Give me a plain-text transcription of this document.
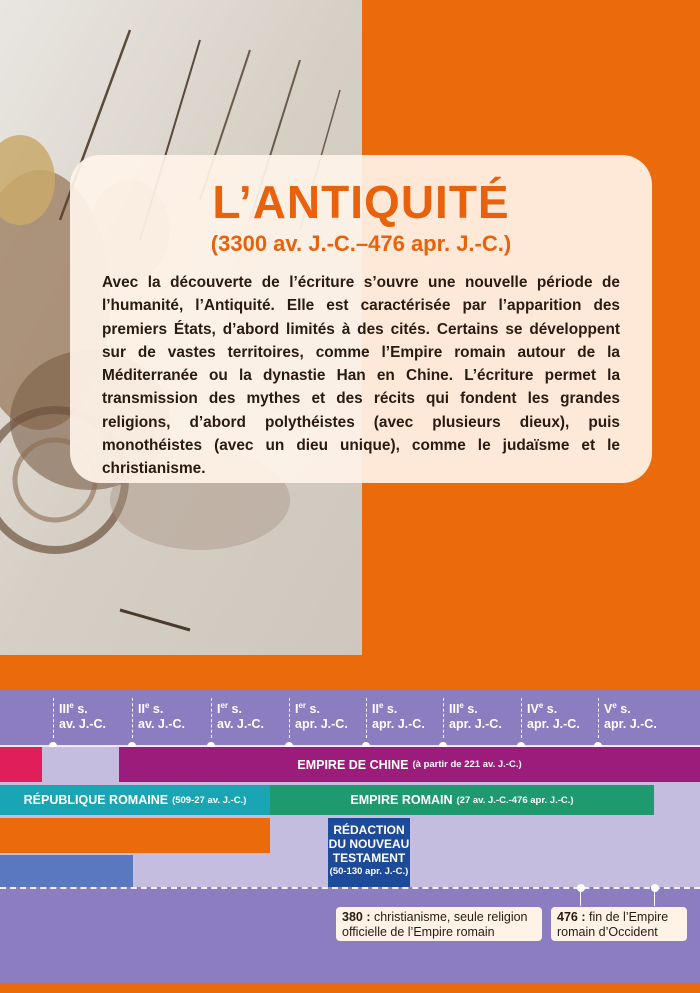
L’ANTIQUITÉ
(3300 av. J.-C.–476 apr. J.-C.)

Avec la découverte de l’écriture s’ouvre une nouvelle période de l’humanité, l’Antiquité. Elle est caractérisée par l’apparition des premiers États, d’abord limités à des cités. Certains se développent sur de vastes territoires, comme l’Empire romain autour de la Méditerranée ou la dynastie Han en Chine. L’écriture permet la transmission des mythes et des récits qui fondent les grandes religions, d’abord polythéistes (avec plusieurs dieux), puis monothéistes (avec un dieu unique), comme le judaïsme et le christianisme.

IIIe s.
av. J.-C.
IIe s.
av. J.-C.
Ier s.
av. J.-C.
Ier s.
apr. J.-C.
IIe s.
apr. J.-C.
IIIe s.
apr. J.-C.
IVe s.
apr. J.-C.
Ve s.
apr. J.-C.
EMPIRE DE CHINE (à partir de 221 av. J.-C.)
RÉPUBLIQUE ROMAINE (509-27 av. J.-C.)	EMPIRE ROMAIN (27 av. J.-C.-476 apr. J.-C.)
RÉDACTION
DU NOUVEAU
TESTAMENT
(50-130 apr. J.-C.)
380 : christianisme, seule religion
officielle de l’Empire romain
476 : fin de l’Empire
romain d’Occident
